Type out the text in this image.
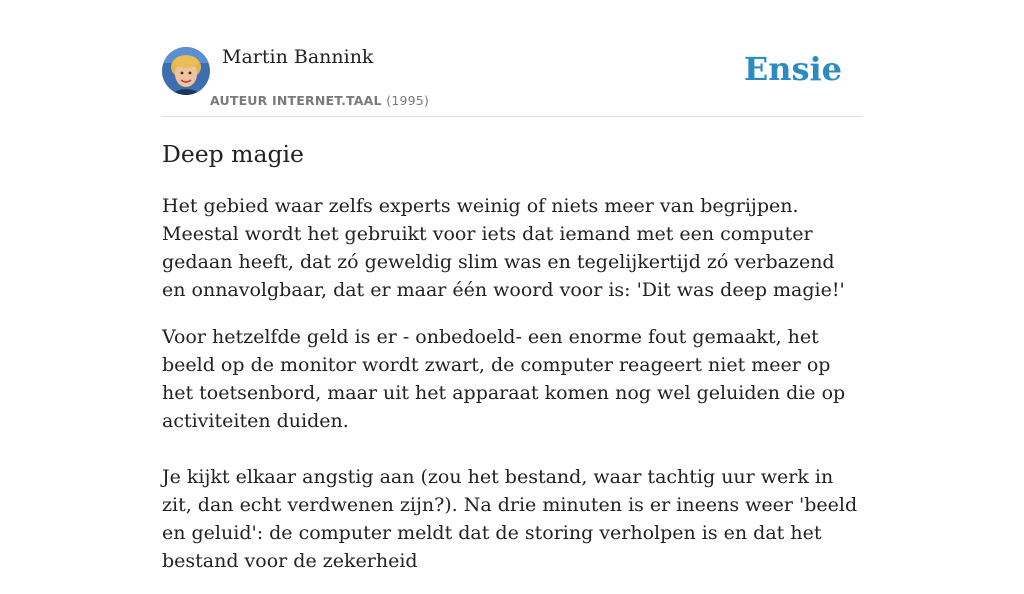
Martin Bannink
AUTEUR INTERNET.TAAL (1995)
Ensie
Deep magie

Het gebied waar zelfs experts weinig of niets meer van begrijpen. Meestal wordt het gebruikt voor iets dat iemand met een computer gedaan heeft, dat zó geweldig slim was en tegelijkertijd zó verbazend en onnavolgbaar, dat er maar één woord voor is: 'Dit was deep magie!'

Voor hetzelfde geld is er - onbedoeld- een enorme fout gemaakt, het beeld op de monitor wordt zwart, de computer reageert niet meer op het toetsenbord, maar uit het apparaat komen nog wel geluiden die op activiteiten duiden.

Je kijkt elkaar angstig aan (zou het bestand, waar tachtig uur werk in zit, dan echt verdwenen zijn?). Na drie minuten is er ineens weer 'beeld en geluid': de computer meldt dat de storing verholpen is en dat het bestand voor de zekerheid
